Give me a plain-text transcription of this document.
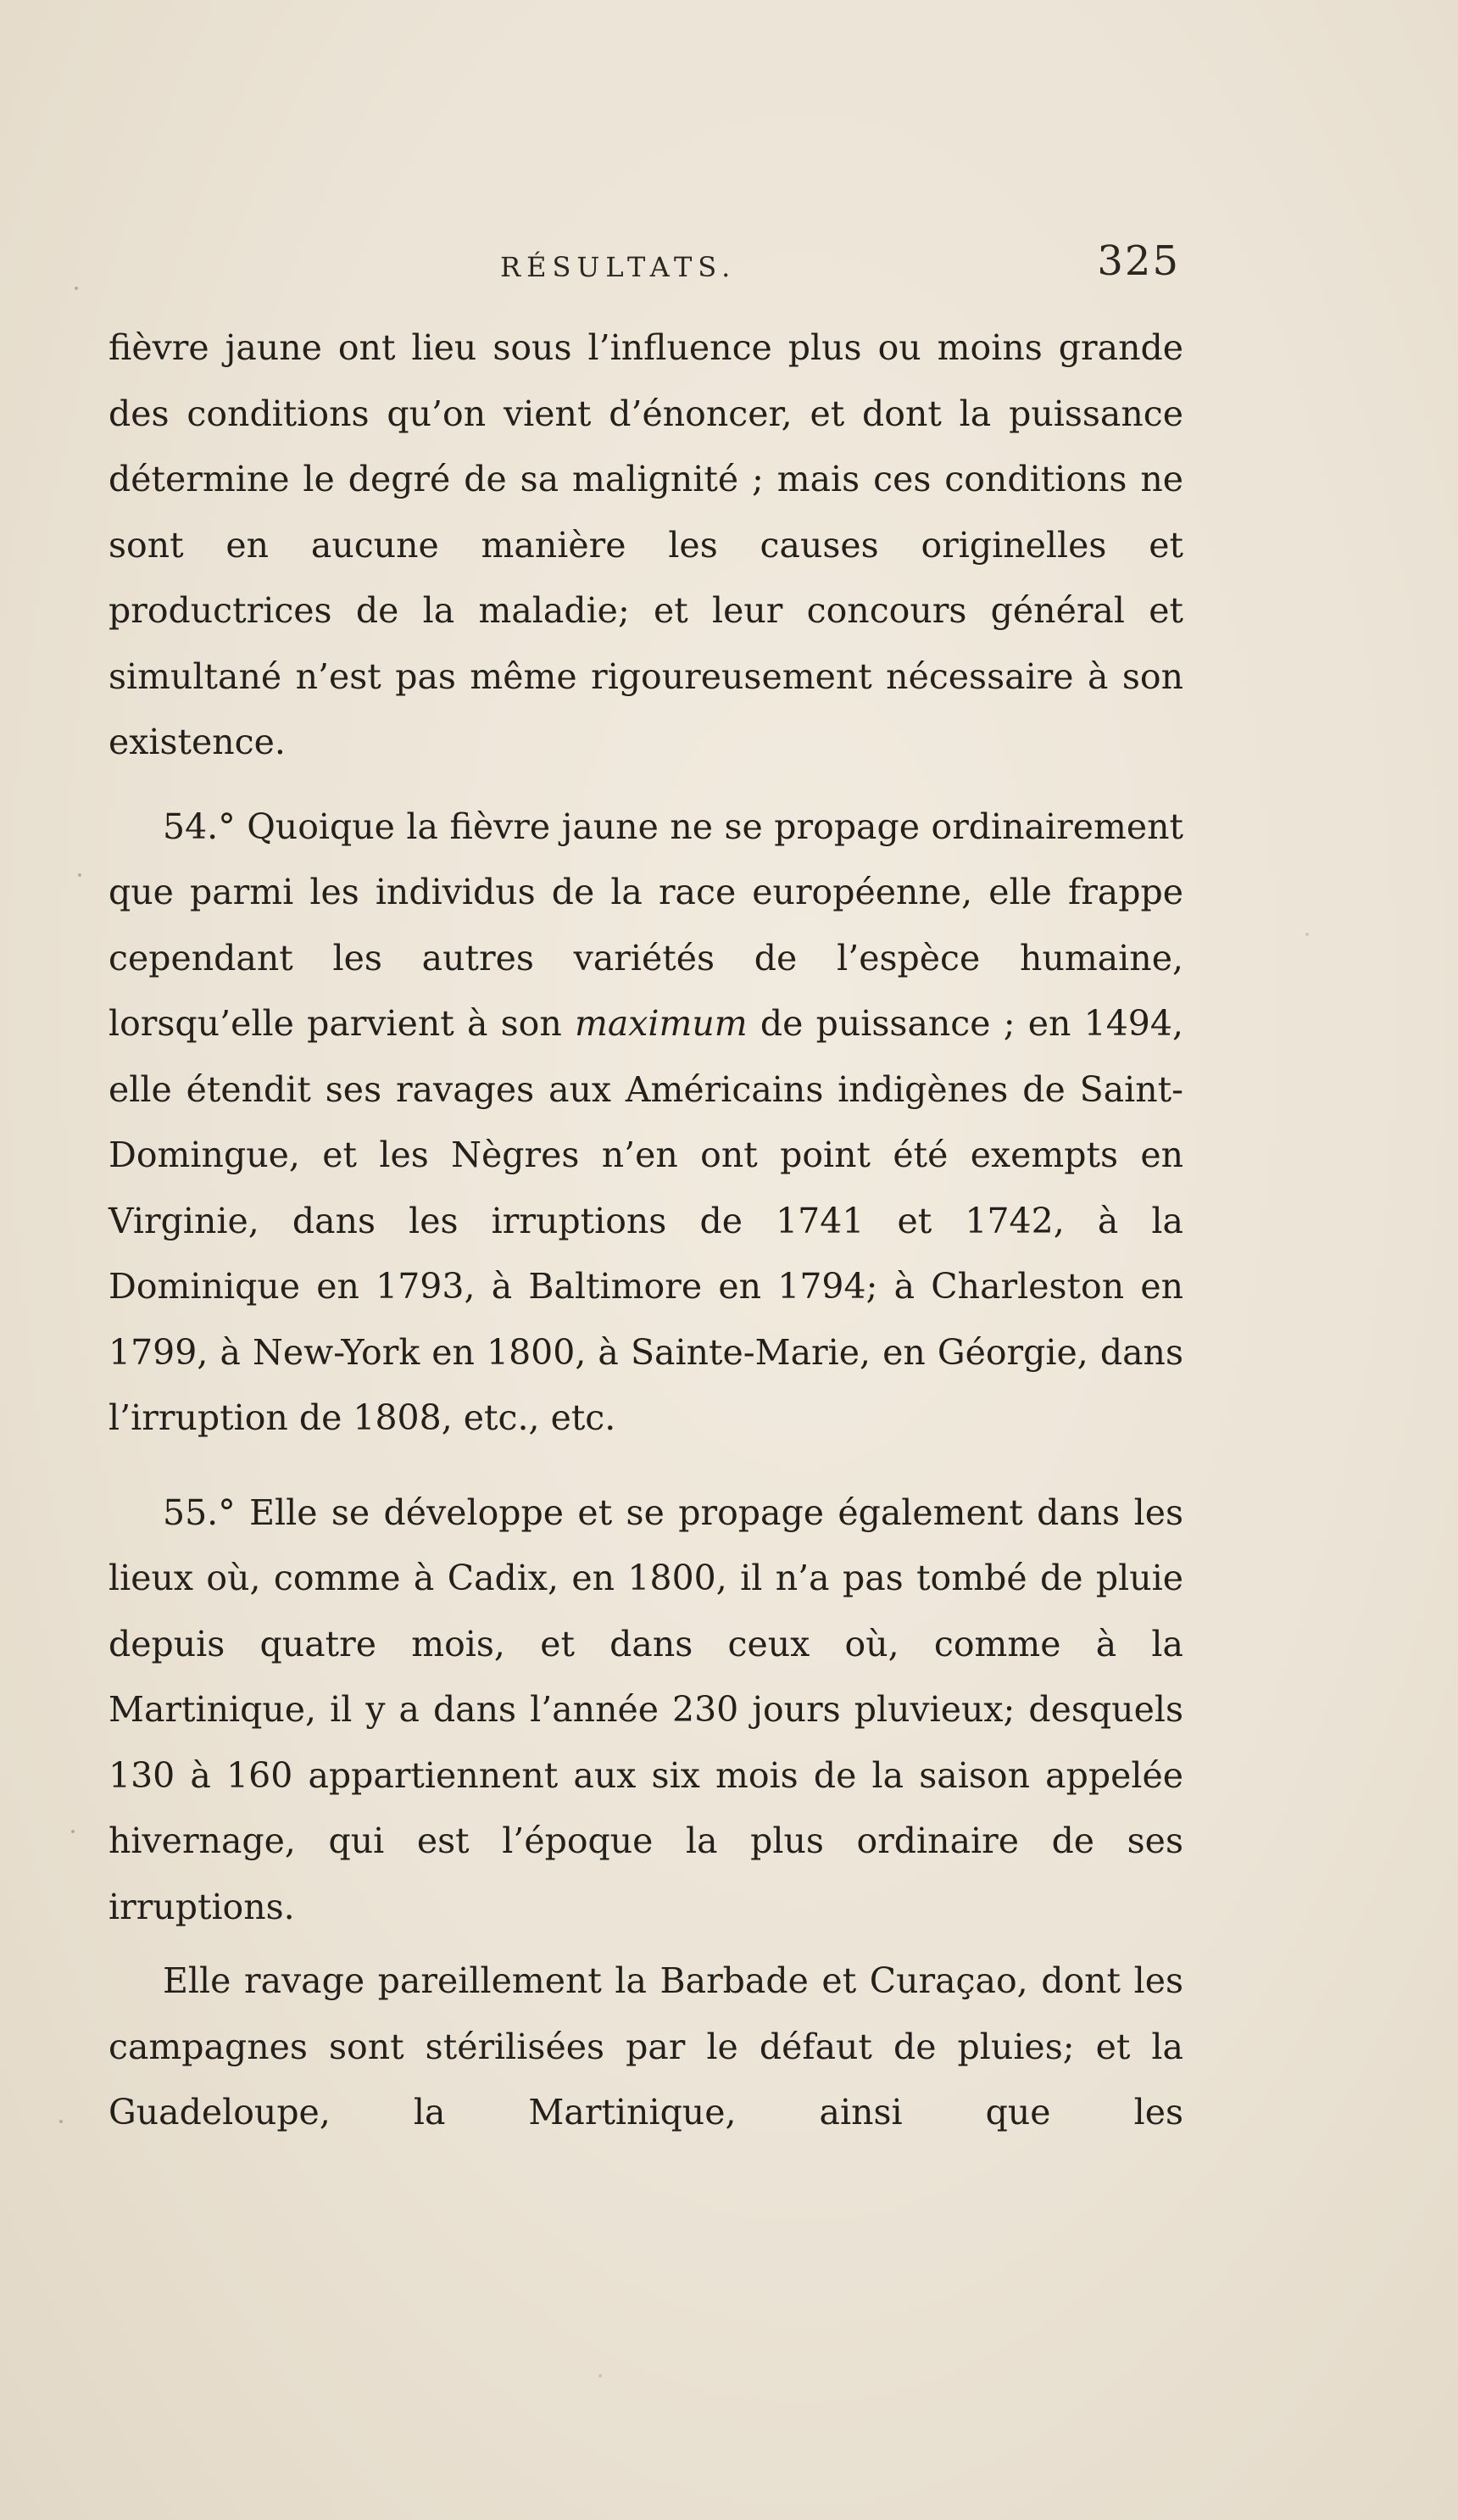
RÉSULTATS.	325

fièvre jaune ont lieu sous l’influence plus ou moins grande des conditions qu’on vient d’énoncer, et dont la puissance détermine le degré de sa malignité ; mais ces conditions ne sont en aucune manière les causes originelles et productrices de la maladie; et leur concours général et simultané n’est pas même rigoureusement nécessaire à son existence.

54.° Quoique la fièvre jaune ne se propage ordinairement que parmi les individus de la race européenne, elle frappe cependant les autres variétés de l’espèce humaine, lorsqu’elle parvient à son maximum de puissance ; en 1494, elle étendit ses ravages aux Américains indigènes de Saint-Domingue, et les Nègres n’en ont point été exempts en Virginie, dans les irruptions de 1741 et 1742, à la Dominique en 1793, à Baltimore en 1794; à Charleston en 1799, à New-York en 1800, à Sainte-Marie, en Géorgie, dans l’irruption de 1808, etc., etc.

55.° Elle se développe et se propage également dans les lieux où, comme à Cadix, en 1800, il n’a pas tombé de pluie depuis quatre mois, et dans ceux où, comme à la Martinique, il y a dans l’année 230 jours pluvieux; desquels 130 à 160 appartiennent aux six mois de la saison appelée hivernage, qui est l’époque la plus ordinaire de ses irruptions.

Elle ravage pareillement la Barbade et Curaçao, dont les campagnes sont stérilisées par le défaut de pluies; et la Guadeloupe, la Martinique, ainsi que les
